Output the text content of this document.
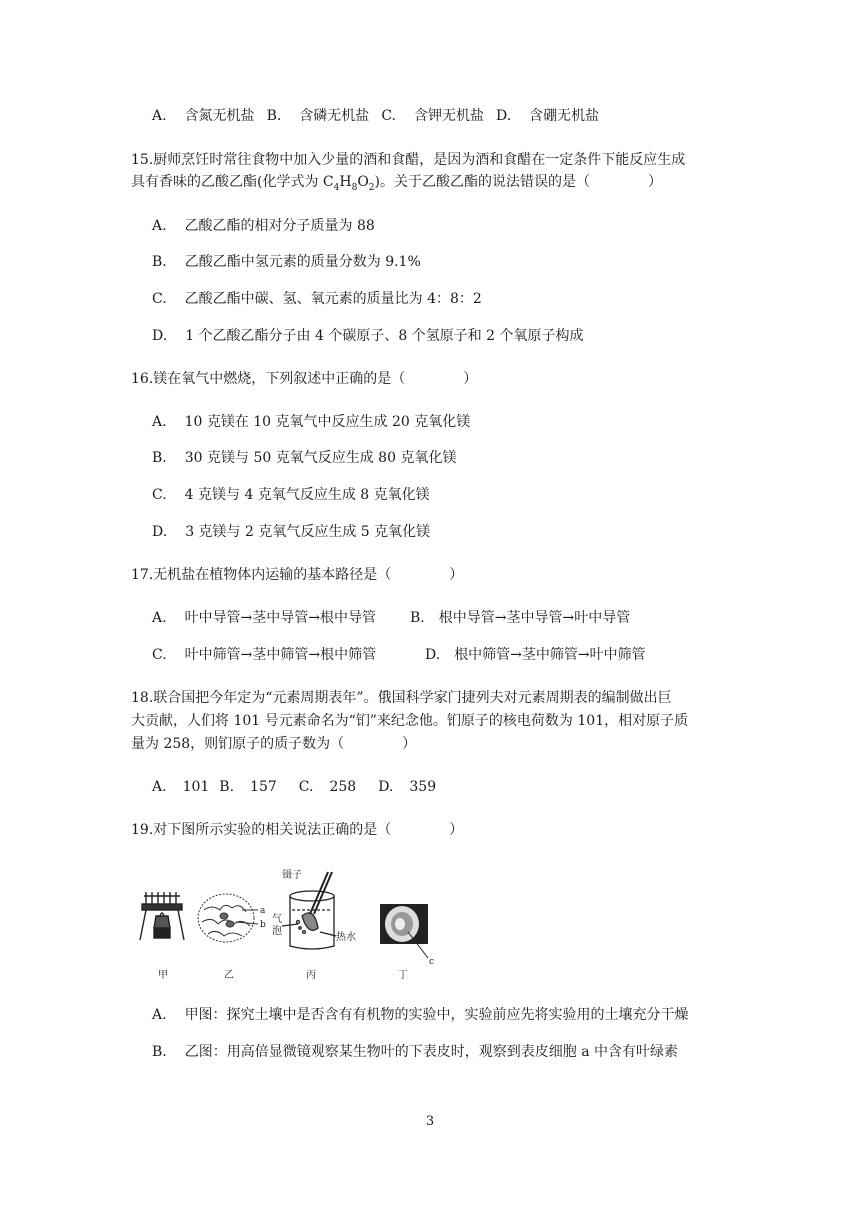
A. 含氮无机盐 B. 含磷无机盐 C. 含钾无机盐 D. 含硼无机盐
15.厨师烹饪时常往食物中加入少量的酒和食醋，是因为酒和食醋在一定条件下能反应生成
具有香味的乙酸乙酯(化学式为 $C_4H_8O_2$)。关于乙酸乙酯的说法错误的是（	）
A. 乙酸乙酯的相对分子质量为 88
B. 乙酸乙酯中氢元素的质量分数为 9.1%
C. 乙酸乙酯中碳、氢、氧元素的质量比为 4：8：2
D. 1 个乙酸乙酯分子由 4 个碳原子、8 个氢原子和 2 个氧原子构成
16.镁在氧气中燃烧，下列叙述中正确的是（	）
A. 10 克镁在 10 克氧气中反应生成 20 克氧化镁
B. 30 克镁与 50 克氧气反应生成 80 克氧化镁
C. 4 克镁与 4 克氧气反应生成 8 克氧化镁
D. 3 克镁与 2 克氧气反应生成 5 克氧化镁
17.无机盐在植物体内运输的基本路径是（	）
A. 叶中导管→茎中导管→根中导管 B. 根中导管→茎中导管→叶中导管
C. 叶中筛管→茎中筛管→根中筛管	D. 根中筛管→茎中筛管→叶中筛管
18.联合国把今年定为“元素周期表年”。俄国科学家门捷列夫对元素周期表的编制做出巨
大贡献，人们将 101 号元素命名为“钔”来纪念他。钔原子的核电荷数为 101，相对原子质
量为 258，则钔原子的质子数为（	）
A. 101 B. 157 C. 258 D. 359
19.对下图所示实验的相关说法正确的是（	）
a
b
镊子
气
泡
热水
c
甲	乙	丙	丁
A. 甲图：探究土壤中是否含有有机物的实验中，实验前应先将实验用的土壤充分干燥
B. 乙图：用高倍显微镜观察某生物叶的下表皮时，观察到表皮细胞 a 中含有叶绿素
3
